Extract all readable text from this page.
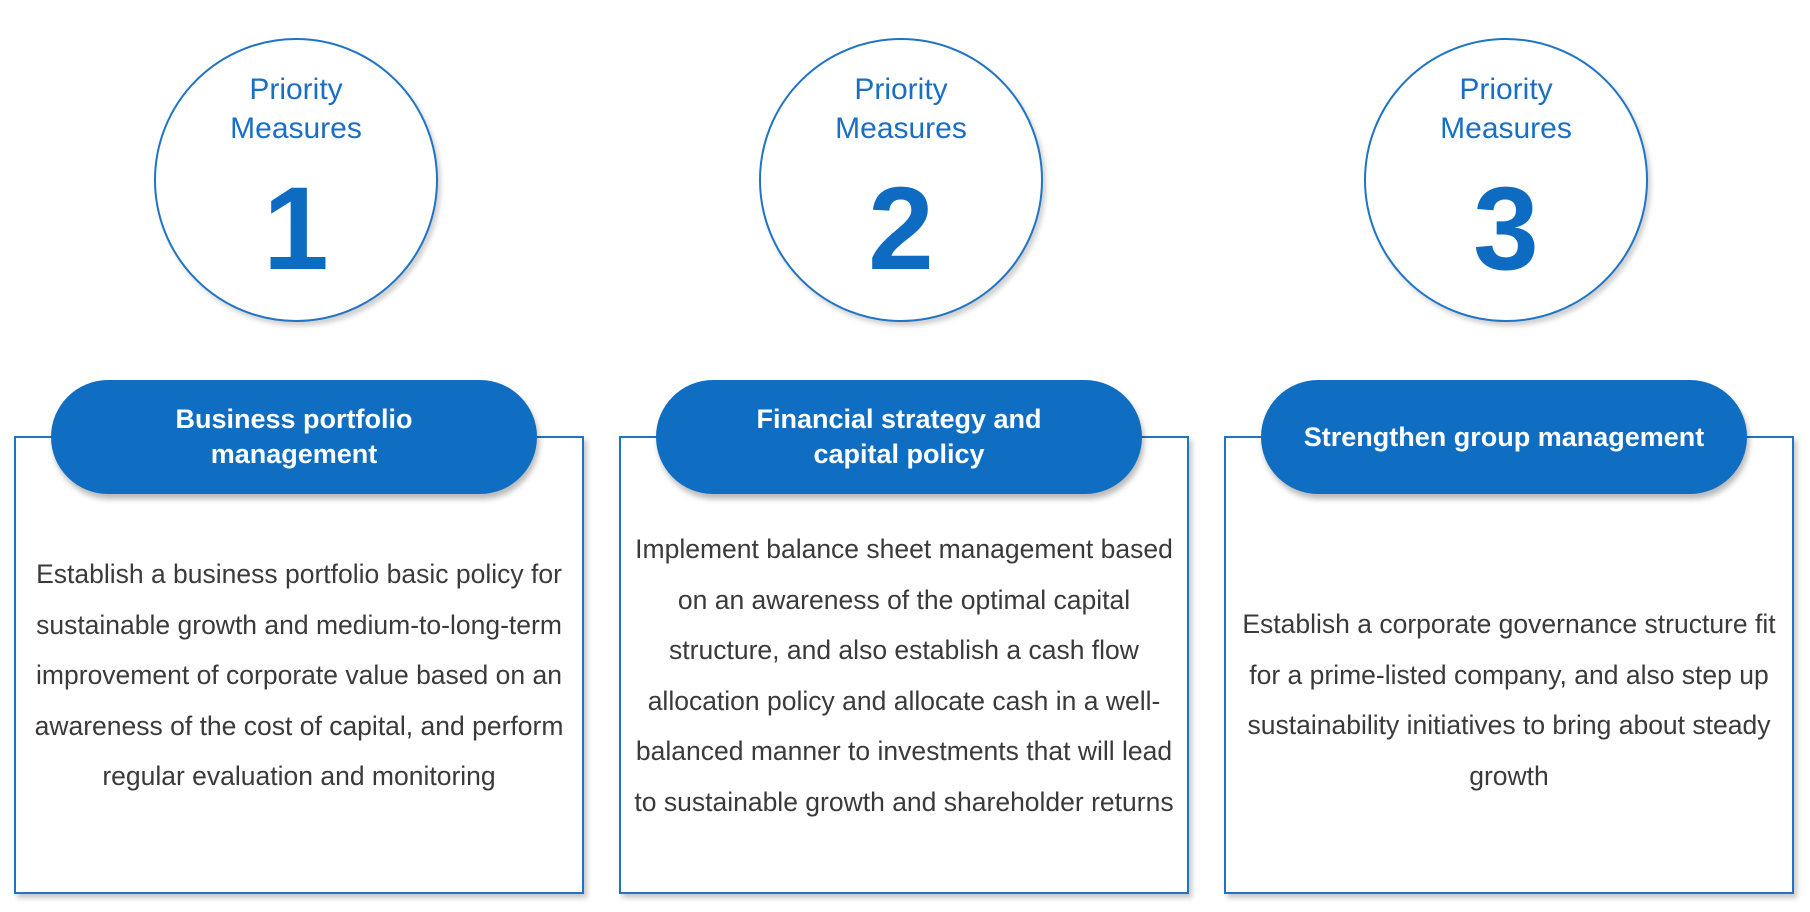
Priority
Measures
1
Establish a business portfolio basic policy for sustainable growth and medium-to-long-term improvement of corporate value based on an awareness of the cost of capital, and perform regular evaluation and monitoring
Business portfolio
management
Priority
Measures
2
Implement balance sheet management based on an awareness of the optimal capital structure, and also establish a cash flow allocation policy and allocate cash in a well-balanced manner to investments that will lead to sustainable growth and shareholder returns
Financial strategy and
capital policy
Priority
Measures
3
Establish a corporate governance structure fit for a prime-listed company, and also step up sustainability initiatives to bring about steady growth
Strengthen group management
